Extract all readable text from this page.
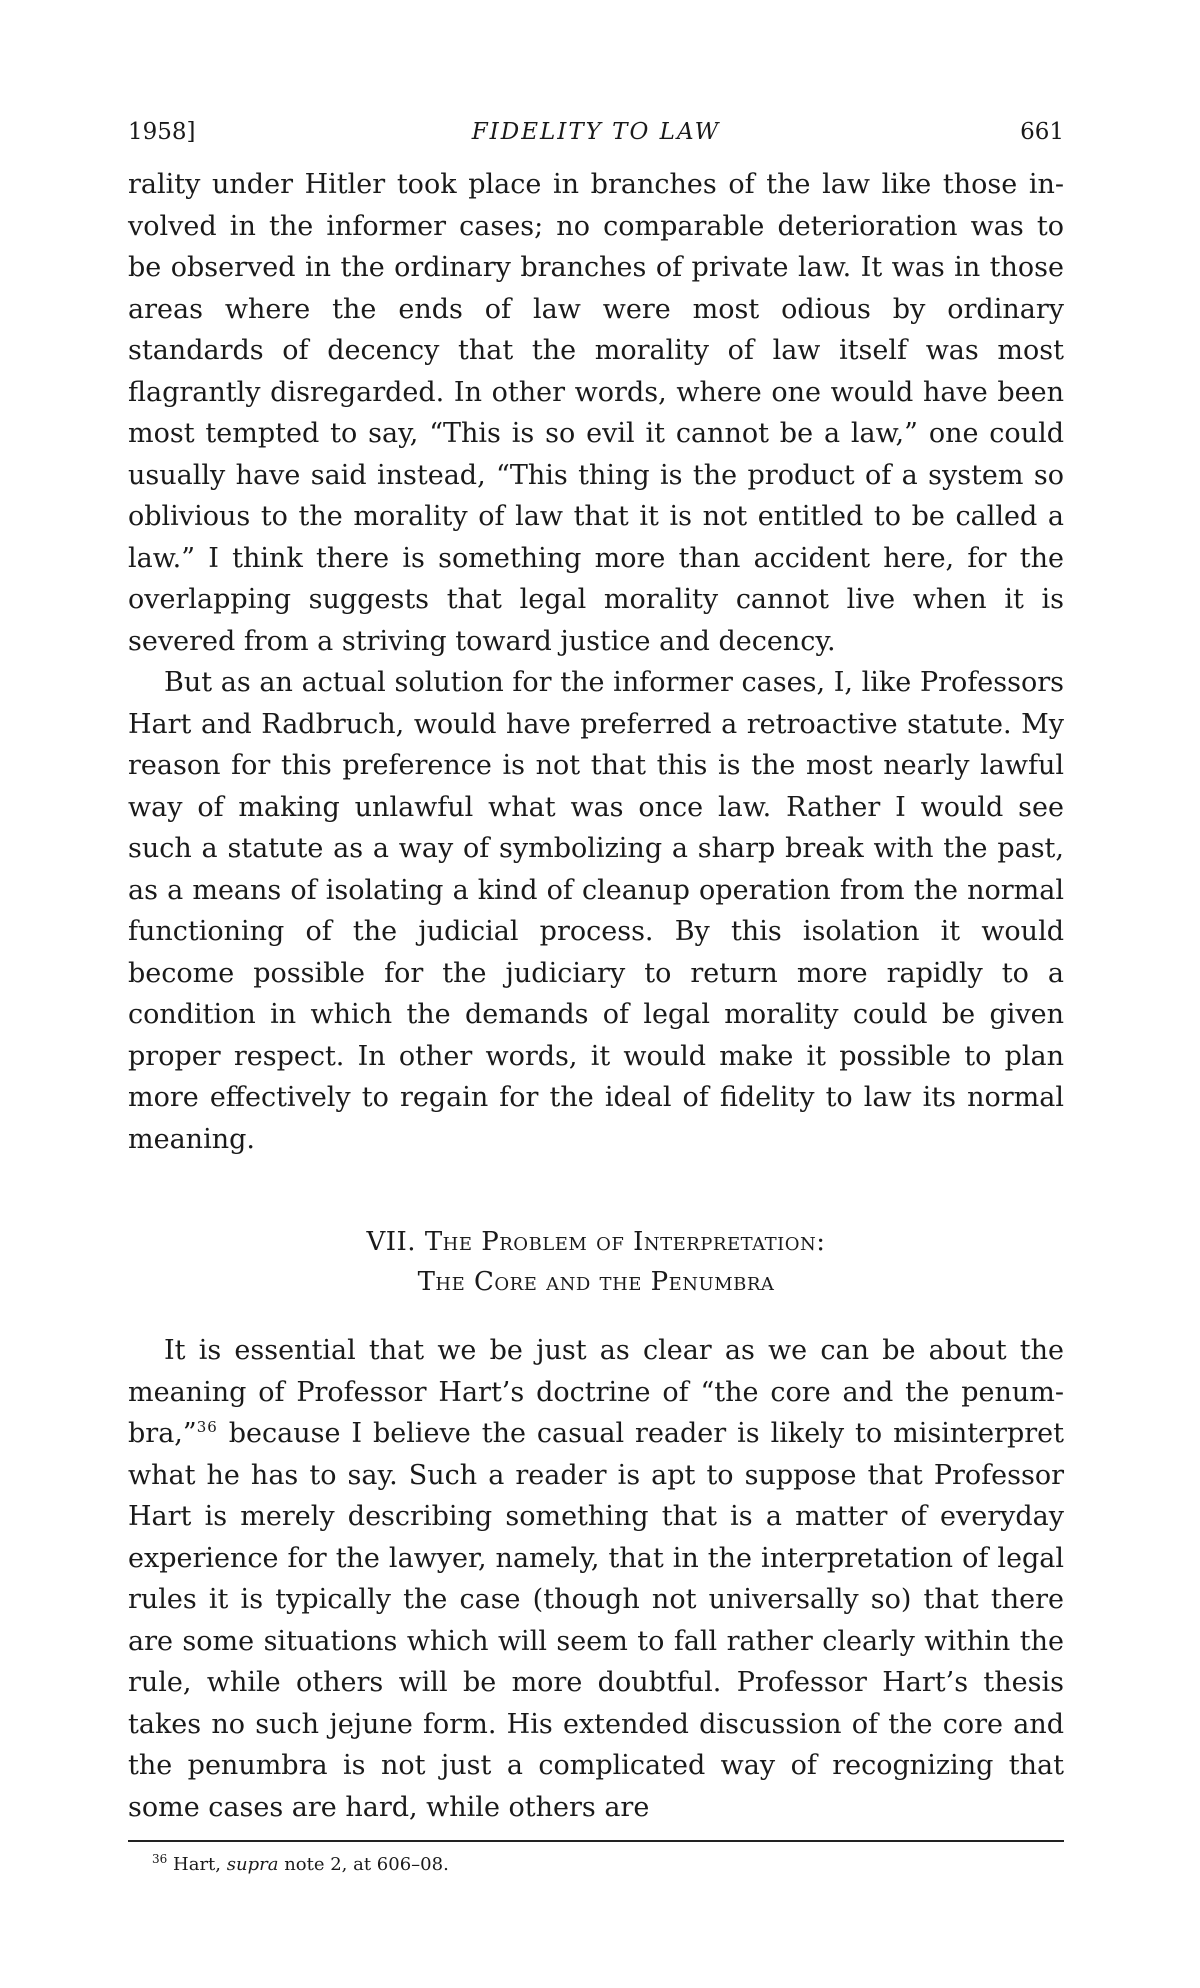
1958]	FIDELITY TO LAW	661

rality under Hitler took place in branches of the law like those involved in the informer cases; no comparable deterioration was to be observed in the ordinary branches of private law. It was in those areas where the ends of law were most odious by ordinary standards of decency that the morality of law itself was most flagrantly disregarded. In other words, where one would have been most tempted to say, “This is so evil it cannot be a law,” one could usually have said instead, “This thing is the product of a system so oblivious to the morality of law that it is not entitled to be called a law.” I think there is something more than accident here, for the overlapping suggests that legal morality cannot live when it is severed from a striving toward justice and decency.

But as an actual solution for the informer cases, I, like Professors Hart and Radbruch, would have preferred a retroactive statute. My reason for this preference is not that this is the most nearly lawful way of making unlawful what was once law. Rather I would see such a statute as a way of symbolizing a sharp break with the past, as a means of isolating a kind of cleanup operation from the normal functioning of the judicial process. By this isolation it would become possible for the judiciary to return more rapidly to a condition in which the demands of legal morality could be given proper respect. In other words, it would make it possible to plan more effectively to regain for the ideal of fidelity to law its normal meaning.

VII. The Problem of Interpretation:
The Core and the Penumbra

It is essential that we be just as clear as we can be about the meaning of Professor Hart’s doctrine of “the core and the penumbra,”$^{36}$ because I believe the casual reader is likely to misinterpret what he has to say. Such a reader is apt to suppose that Professor Hart is merely describing something that is a matter of everyday experience for the lawyer, namely, that in the interpretation of legal rules it is typically the case (though not universally so) that there are some situations which will seem to fall rather clearly within the rule, while others will be more doubtful. Professor Hart’s thesis takes no such jejune form. His extended discussion of the core and the penumbra is not just a complicated way of recognizing that some cases are hard, while others are

$^{36}$ Hart, supra note 2, at 606–08.
